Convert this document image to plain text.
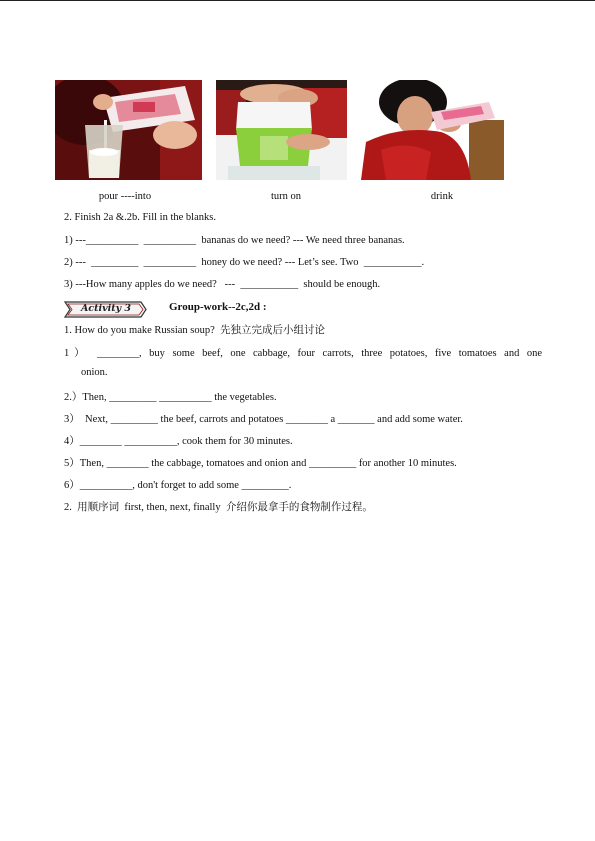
pour ----into	turn on	drink
2. Finish 2a &.2b. Fill in the blanks.
1) ---__________  __________  bananas do we need? --- We need three bananas.
2) ---  _________  __________  honey do we need? --- Let’s see. Two  ___________.
3) ---How many apples do we need?   ---  ___________  should be enough.
Activity 3	Group-work--2c,2d :
1. How do you make Russian soup?  先独立完成后小组讨论
1） ________, buy some beef, one cabbage, four carrots, three potatoes, five tomatoes and one
onion.
2.）Then, _________ __________ the vegetables.
3）  Next, _________ the beef, carrots and potatoes ________ a _______ and add some water.
4）________ __________, cook them for 30 minutes.
5）Then, ________ the cabbage, tomatoes and onion and _________ for another 10 minutes.
6）__________, don't forget to add some _________.
2.  用顺序词  first, then, next, finally  介绍你最拿手的食物制作过程。
